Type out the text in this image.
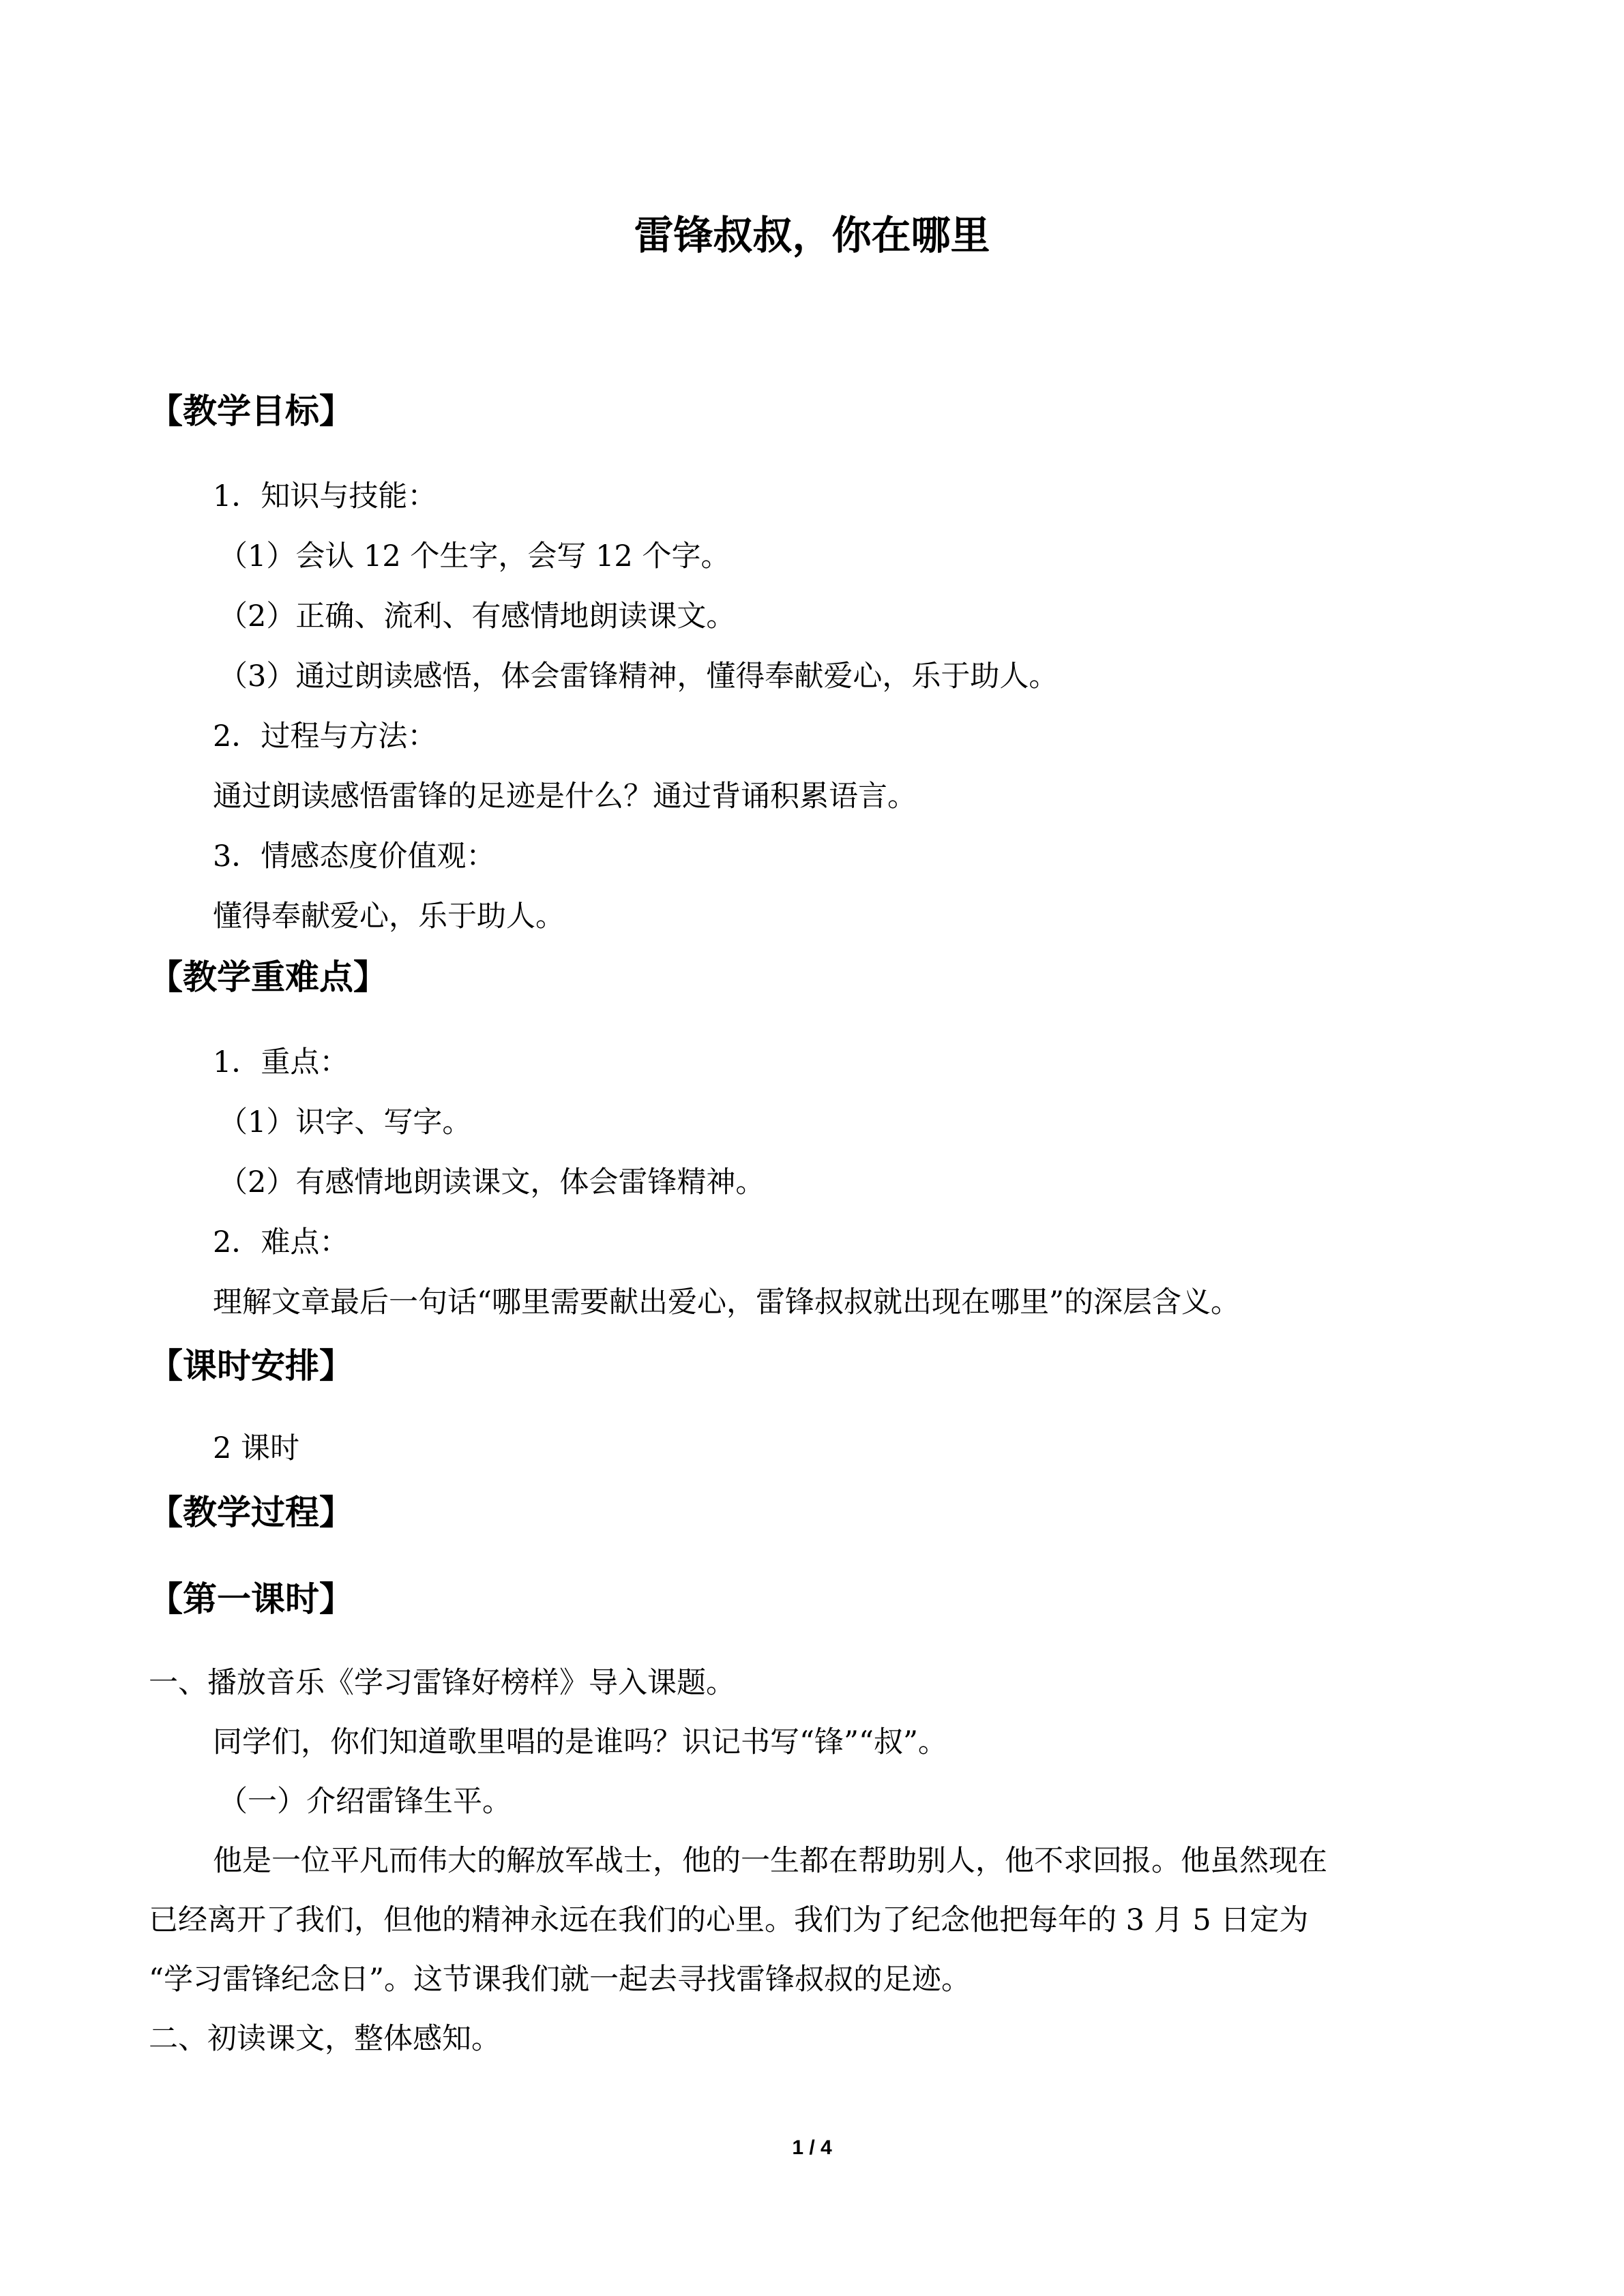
雷锋叔叔，你在哪里
【教学目标】
1．知识与技能：
（1）会认 12 个生字，会写 12 个字。
（2）正确、流利、有感情地朗读课文。
（3）通过朗读感悟，体会雷锋精神，懂得奉献爱心，乐于助人。
2．过程与方法：
通过朗读感悟雷锋的足迹是什么？通过背诵积累语言。
3．情感态度价值观：
懂得奉献爱心，乐于助人。
【教学重难点】
1．重点：
（1）识字、写字。
（2）有感情地朗读课文，体会雷锋精神。
2．难点：
理解文章最后一句话“哪里需要献出爱心，雷锋叔叔就出现在哪里”的深层含义。
【课时安排】
2 课时
【教学过程】
【第一课时】
一、播放音乐《学习雷锋好榜样》导入课题。
同学们，你们知道歌里唱的是谁吗？识记书写“锋”“叔”。
（一）介绍雷锋生平。
他是一位平凡而伟大的解放军战士，他的一生都在帮助别人，他不求回报。他虽然现在
已经离开了我们，但他的精神永远在我们的心里。我们为了纪念他把每年的 3 月 5 日定为
“学习雷锋纪念日”。这节课我们就一起去寻找雷锋叔叔的足迹。
二、初读课文，整体感知。
1 / 4
